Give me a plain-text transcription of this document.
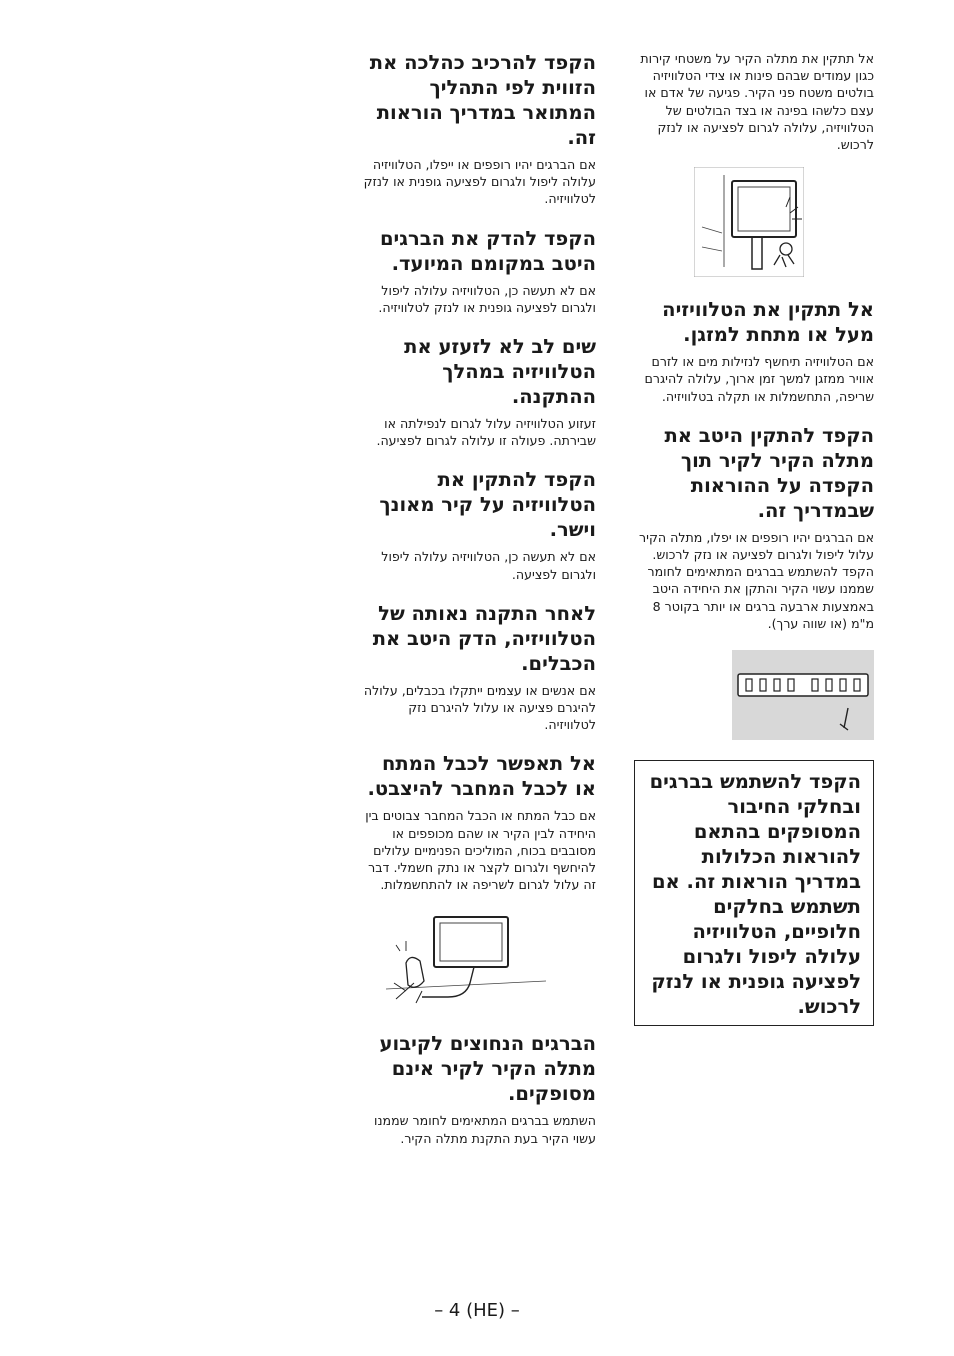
אל תתקין את מתלה הקיר על משטחי קירות כגון עמודים שבהם פינות או צידי הטלוויזיה בולטים משטח פני הקיר. פגיעה של אדם או עצם כלשהו בפינה או בצד הבולטים של הטלוויזיה, עלולה לגרום לפציעה או לנזק לרכוש.

אל תתקין את הטלוויזיה מעל או מתחת למזגן.

אם הטלוויזיה תיחשף לנזילות מים או לזרם אוויר ממזגן למשך זמן ארוך, עלולה להיגרם שריפה, התחשמלות או תקלה בטלוויזיה.

הקפד להתקין היטב את מתלה הקיר לקיר תוך הקפדה על ההוראות שבמדריך זה.

אם הברגים יהיו רופפים או יפלו, מתלה הקיר עלול ליפול ולגרום לפציעה או נזק לרכוש. הקפד להשתמש בברגים המתאימים לחומר שממנו עשוי הקיר והתקן את היחידה היטב באמצעות ארבעה ברגים או יותר בקוטר 8 מ"מ (או שווה ערך).

הקפד להשתמש בברגים ובחלקי החיבור המסופקים בהתאם להוראות הכלולות במדריך הוראות זה. אם תשתמש בחלקים חלופיים, הטלוויזיה עלולה ליפול ולגרום לפציעה גופנית או לנזק לרכוש.
הקפד להרכיב כהלכה את הזווית לפי התהליך המתואר במדריך הוראות זה.

אם הברגים יהיו רופפים או ייפלו, הטלוויזיה עלולה ליפול ולגרום לפציעה גופנית או לנזק לטלוויזיה.

הקפד להדק את הברגים היטב במקומם המיועד.

אם לא תעשה כן, הטלוויזיה עלולה ליפול ולגרום לפציעה גופנית או לנזק לטלוויזיה.

שים לב לא לזעזע את הטלוויזיה במהלך ההתקנה.

זעזוע הטלוויזיה עלול לגרום לנפילתה או שבירתה. פעולה זו עלולה לגרום לפציעה.

הקפד להתקין את הטלוויזיה על קיר מאונך וישר.

אם לא תעשה כן, הטלוויזיה עלולה ליפול ולגרום לפציעה.

לאחר התקנה נאותה של הטלוויזיה, הדק היטב את הכבלים.

אם אנשים או עצמים ייתקלו בכבלים, עלולה להיגרם פציעה או עלול להיגרם נזק לטלוויזיה.

אל תאפשר לכבל המתח או לכבל המחבר להיצבט.

אם כבל המתח או הכבל המחבר צבוטים בין היחידה לבין הקיר או שהם מכופפים או מסובבים בכוח, המוליכים הפנימיים עלולים להיחשף ולגרום לקצר או נתק חשמלי. דבר זה עלול לגרום לשריפה או להתחשמלות.

הברגים הנחוצים לקיבוע מתלה הקיר לקיר אינם מסופקים.

השתמש בברגים המתאימים לחומר שממנו עשוי הקיר בעת התקנת מתלה הקיר.

– 4 (HE) –
